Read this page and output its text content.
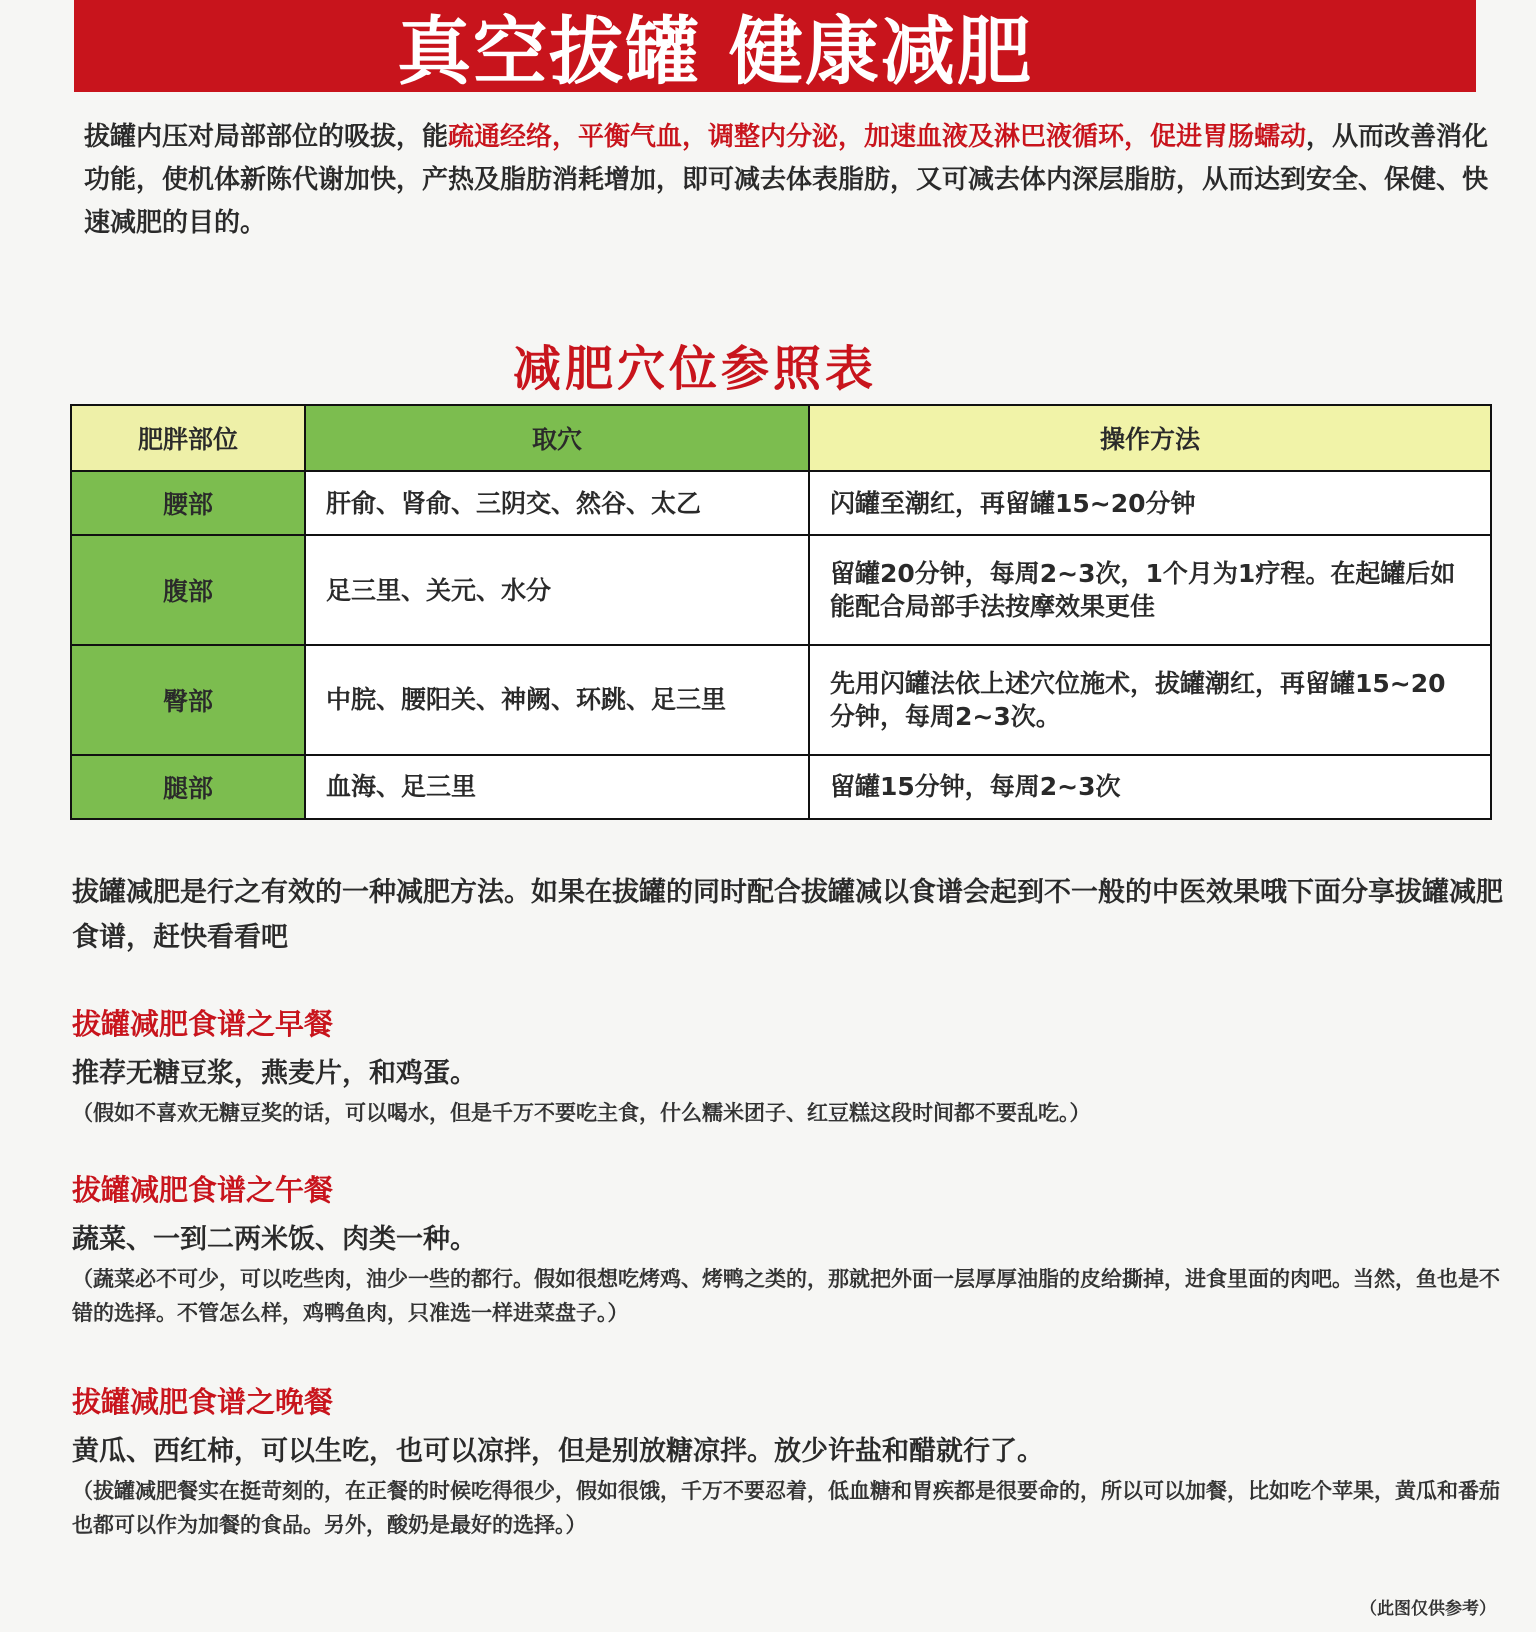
真空拔罐 健康减肥
拔罐内压对局部部位的吸拔，能疏通经络，平衡气血，调整内分泌，加速血液及淋巴液循环，促进胃肠蠕动，从而改善消化功能，使机体新陈代谢加快，产热及脂肪消耗增加，即可减去体表脂肪，又可减去体内深层脂肪，从而达到安全、保健、快速减肥的目的。
减肥穴位参照表
肥胖部位	取穴	操作方法
腰部	肝俞、肾俞、三阴交、然谷、太乙	闪罐至潮红，再留罐15~20分钟
腹部	足三里、关元、水分	留罐20分钟，每周2~3次，1个月为1疗程。在起罐后如能配合局部手法按摩效果更佳
臀部	中脘、腰阳关、神阙、环跳、足三里	先用闪罐法依上述穴位施术，拔罐潮红，再留罐15~20分钟，每周2~3次。
腿部	血海、足三里	留罐15分钟，每周2~3次
拔罐减肥是行之有效的一种减肥方法。如果在拔罐的同时配合拔罐减以食谱会起到不一般的中医效果哦下面分享拔罐减肥食谱，赶快看看吧
拔罐减肥食谱之早餐
推荐无糖豆浆，燕麦片，和鸡蛋。
（假如不喜欢无糖豆奖的话，可以喝水，但是千万不要吃主食，什么糯米团子、红豆糕这段时间都不要乱吃。）
拔罐减肥食谱之午餐
蔬菜、一到二两米饭、肉类一种。
（蔬菜必不可少，可以吃些肉，油少一些的都行。假如很想吃烤鸡、烤鸭之类的，那就把外面一层厚厚油脂的皮给撕掉，进食里面的肉吧。当然，鱼也是不错的选择。不管怎么样，鸡鸭鱼肉，只准选一样进菜盘子。）
拔罐减肥食谱之晚餐
黄瓜、西红柿，可以生吃，也可以凉拌，但是别放糖凉拌。放少许盐和醋就行了。
（拔罐减肥餐实在挺苛刻的，在正餐的时候吃得很少，假如很饿，千万不要忍着，低血糖和胃疾都是很要命的，所以可以加餐，比如吃个苹果，黄瓜和番茄也都可以作为加餐的食品。另外，酸奶是最好的选择。）
（此图仅供参考）
